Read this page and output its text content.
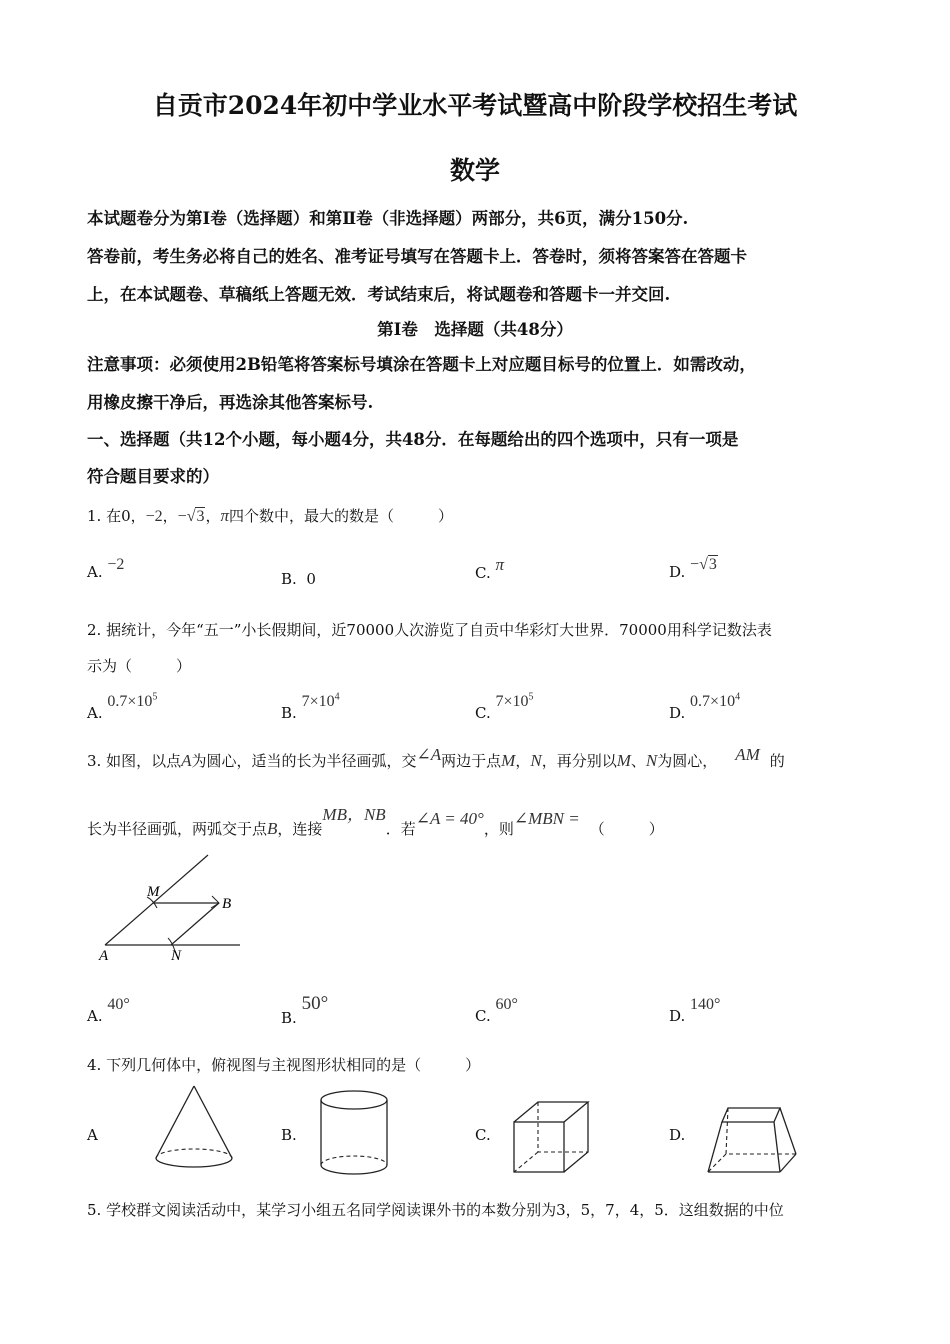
自贡市2024年初中学业水平考试暨高中阶段学校招生考试
数学
本试题卷分为第Ⅰ卷（选择题）和第Ⅱ卷（非选择题）两部分，共6页，满分150分.
答卷前，考生务必将自己的姓名、准考证号填写在答题卡上．答卷时，须将答案答在答题卡
上，在本试题卷、草稿纸上答题无效．考试结束后，将试题卷和答题卡一并交回.
第Ⅰ卷　选择题（共48分）
注意事项：必须使用2B铅笔将答案标号填涂在答题卡上对应题目标号的位置上．如需改动，
用橡皮擦干净后，再选涂其他答案标号.
一、选择题（共12个小题，每小题4分，共48分．在每题给出的四个选项中，只有一项是
符合题目要求的）
1. 在0，−2，−√3，π四个数中，最大的数是（	）
A. −2
B. 0	C. π	D. −√3
2. 据统计，今年“五一”小长假期间，近70000人次游览了自贡中华彩灯大世界．70000用科学记数法表
示为（	）
A. $0.7\times 10^5$
B. $7\times 10^4$
C. $7\times 10^5$
D. $0.7\times 10^4$
3. 如图，以点A为圆心，适当的长为半径画弧，交∠A两边于点M，N，再分别以M、N为圆心， AM 的
长为半径画弧，两弧交于点B，连接MB，NB．若∠A = 40°，则∠MBN =（	）
M
B
A	N
A. 40°
B. 50°
C. 60°
D. 140°
4. 下列几何体中，俯视图与主视图形状相同的是（	）
A	B.	C.	D.
5. 学校群文阅读活动中，某学习小组五名同学阅读课外书的本数分别为3，5，7，4，5．这组数据的中位
